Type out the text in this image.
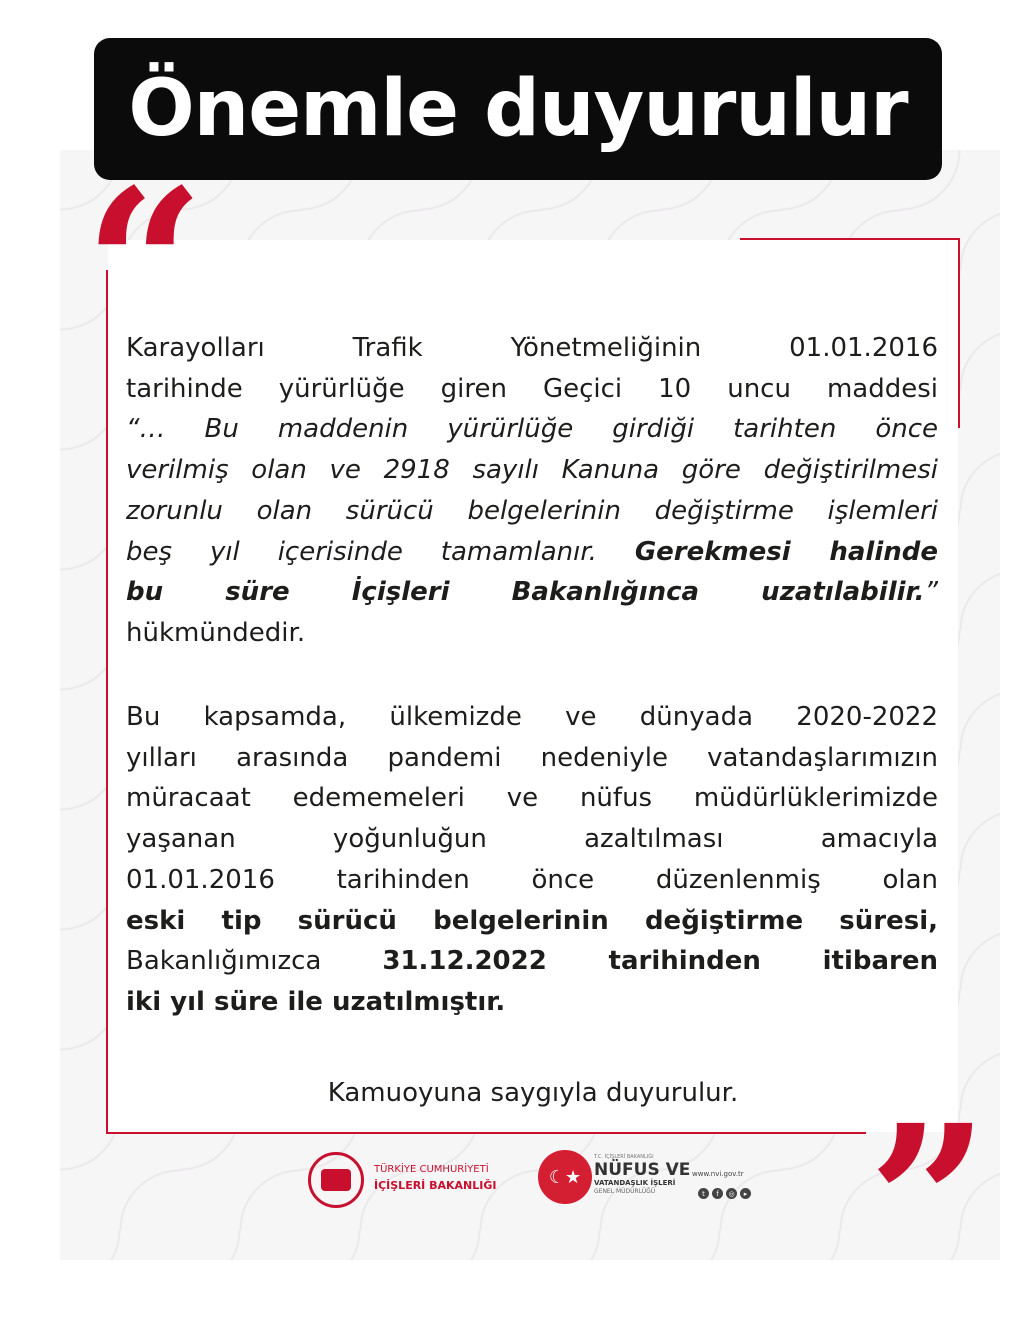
Önemle duyurulur
“
Karayolları Trafik Yönetmeliğinin 01.01.2016
tarihinde yürürlüğe giren Geçici 10 uncu maddesi
“… Bu maddenin yürürlüğe girdiği tarihten önce
verilmiş olan ve 2918 sayılı Kanuna göre değiştirilmesi
zorunlu olan sürücü belgelerinin değiştirme işlemleri
beş yıl içerisinde tamamlanır. Gerekmesi halinde
bu süre İçişleri Bakanlığınca uzatılabilir.”
hükmündedir.
Bu kapsamda, ülkemizde ve dünyada 2020-2022
yılları arasında pandemi nedeniyle vatandaşlarımızın
müracaat edememeleri ve nüfus müdürlüklerimizde
yaşanan yoğunluğun azaltılması amacıyla
01.01.2016 tarihinden önce düzenlenmiş olan
eski tip sürücü belgelerinin değiştirme süresi,
Bakanlığımızca 31.12.2022 tarihinden itibaren
iki yıl süre ile uzatılmıştır.
Kamuoyuna saygıyla duyurulur. ”
TÜRKİYE CUMHURİYETİ
İÇİŞLERİ BAKANLIĞI	☾★
T.C. İÇİŞLERİ BAKANLIĞI
NÜFUS VE
VATANDAŞLIK İŞLERİ
GENEL MÜDÜRLÜĞÜ
www.nvi.gov.tr
t	f	◎	▸
